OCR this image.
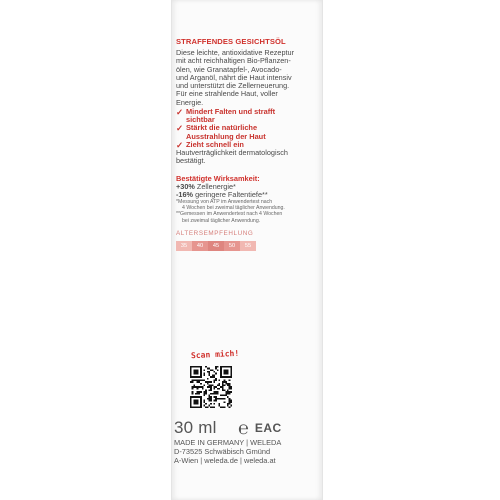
STRAFFENDES GESICHTSÖL
Diese leichte, antioxidative Rezeptur
mit acht reichhaltigen Bio-Pflanzen-
ölen, wie Granatapfel-, Avocado-
und Arganöl, nährt die Haut intensiv
und unterstützt die Zellerneuerung.
Für eine strahlende Haut, voller
Energie.
✓ Mindert Falten und strafft
sichtbar
✓ Stärkt die natürliche
Ausstrahlung der Haut
✓ Zieht schnell ein
Hautverträglichkeit dermatologisch
bestätigt.
Bestätigte Wirksamkeit:
+30% Zellenergie*
-16% geringere Faltentiefe**
*Messung von ATP im Anwendertest nach
4 Wochen bei zweimal täglicher Anwendung.
**Gemessen im Anwendertest nach 4 Wochen
bei zweimal täglicher Anwendung.
ALTERSEMPFEHLUNG
35	40	45	50	55
Scan mich!
30 ml ℮ EAC
MADE IN GERMANY | WELEDA
D-73525 Schwäbisch Gmünd
A-Wien | weleda.de | weleda.at
